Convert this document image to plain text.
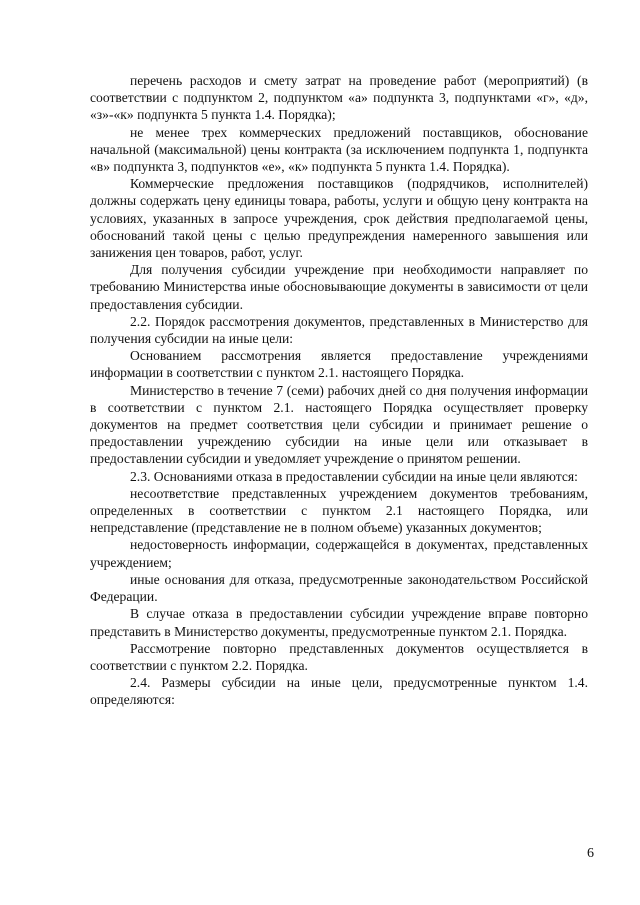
перечень расходов и смету затрат на проведение работ (мероприятий) (в соответствии с подпунктом 2, подпунктом «а» подпункта 3, подпунктами «г», «д», «з»-«к» подпункта 5 пункта 1.4. Порядка);

не менее трех коммерческих предложений поставщиков, обоснование начальной (максимальной) цены контракта (за исключением подпункта 1, подпункта «в» подпункта 3, подпунктов «е», «к» подпункта 5 пункта 1.4. Порядка).

Коммерческие предложения поставщиков (подрядчиков, исполнителей) должны содержать цену единицы товара, работы, услуги и общую цену контракта на условиях, указанных в запросе учреждения, срок действия предполагаемой цены, обоснований такой цены с целью предупреждения намеренного завышения или занижения цен товаров, работ, услуг.

Для получения субсидии учреждение при необходимости направляет по требованию Министерства иные обосновывающие документы в зависимости от цели предоставления субсидии.

2.2. Порядок рассмотрения документов, представленных в Министерство для получения субсидии на иные цели:

Основанием рассмотрения является предоставление учреждениями информации в соответствии с пунктом 2.1. настоящего Порядка.

Министерство в течение 7 (семи) рабочих дней со дня получения информации в соответствии с пунктом 2.1. настоящего Порядка осуществляет проверку документов на предмет соответствия цели субсидии и принимает решение о предоставлении учреждению субсидии на иные цели или отказывает в предоставлении субсидии и уведомляет учреждение о принятом решении.

2.3. Основаниями отказа в предоставлении субсидии на иные цели являются:

несоответствие представленных учреждением документов требованиям, определенных в соответствии с пунктом 2.1 настоящего Порядка, или непредставление (представление не в полном объеме) указанных документов;

недостоверность информации, содержащейся в документах, представленных учреждением;

иные основания для отказа, предусмотренные законодательством Российской Федерации.

В случае отказа в предоставлении субсидии учреждение вправе повторно представить в Министерство документы, предусмотренные пунктом 2.1. Порядка.

Рассмотрение повторно представленных документов осуществляется в соответствии с пунктом 2.2. Порядка.

2.4. Размеры субсидии на иные цели, предусмотренные пунктом 1.4. определяются:

6
